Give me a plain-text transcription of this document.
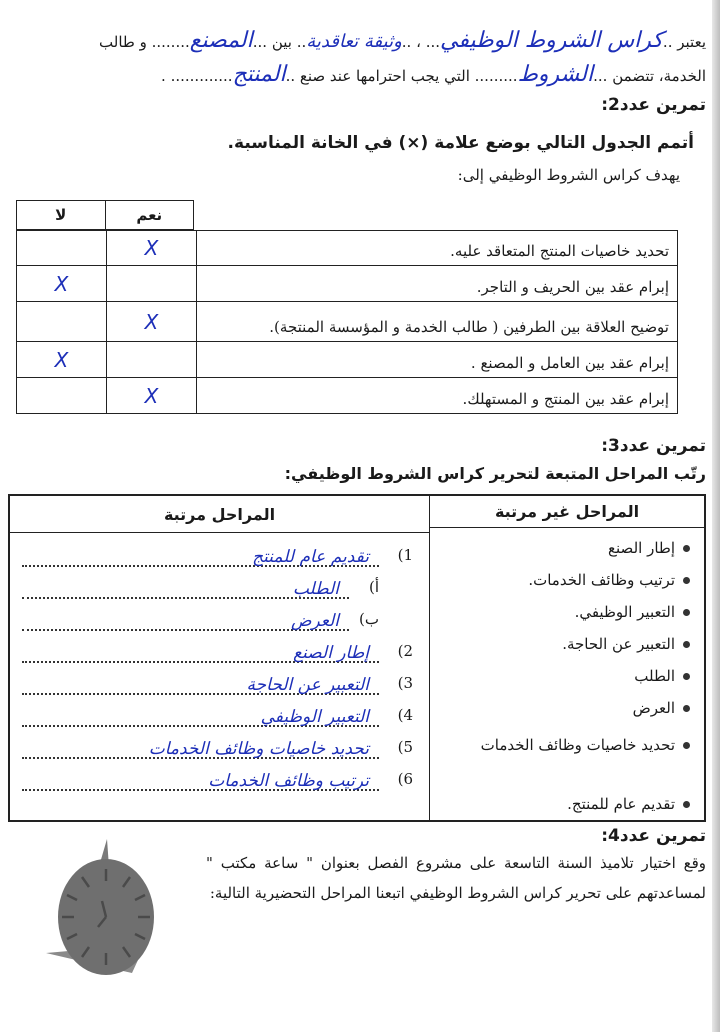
يعتبر ..كراس الشروط الوظيفي... ، ..وثيقة تعاقدية.. بين ...المصنع........ و طالب
الخدمة، تتضمن ...الشروط......... التي يجب احترامها عند صنع ..المنتج............. .
تمرين عدد2:
أتمم الجدول التالي بوضع علامة (×) في الخانة المناسبة.
يهدف كراس الشروط الوظيفي إلى:
نعم
لا
تحديد خاصيات المنتج المتعاقد عليه.
X
إبرام عقد بين الحريف و التاجر.
X
توضيح العلاقة بين الطرفين ( طالب الخدمة و المؤسسة المنتجة).
X
إبرام عقد بين العامل و المصنع .
X
إبرام عقد بين المنتج و المستهلك.
X
تمرين عدد3:
رتّب المراحل المتبعة لتحرير كراس الشروط الوظيفي:
المراحل غير مرتبة
إطار الصنع
ترتيب وظائف الخدمات.
التعبير الوظيفي.
التعبير عن الحاجة.
الطلب
العرض
تحديد خاصيات وظائف الخدمات
تقديم عام للمنتج.
المراحل مرتبة
1)
تقديم عام للمنتج
أ)
الطلب
ب)
العرض
2)
إطار الصنع
3)
التعبير عن الحاجة
4)
التعبير الوظيفي
5)
تحديد خاصيات وظائف الخدمات
6)
ترتيب وظائف الخدمات
تمرين عدد4:
وقع اختيار تلاميذ السنة التاسعة على مشروع الفصل بعنوان " ساعة مكتب " لمساعدتهم على تحرير كراس الشروط الوظيفي اتبعنا المراحل التحضيرية التالية:
